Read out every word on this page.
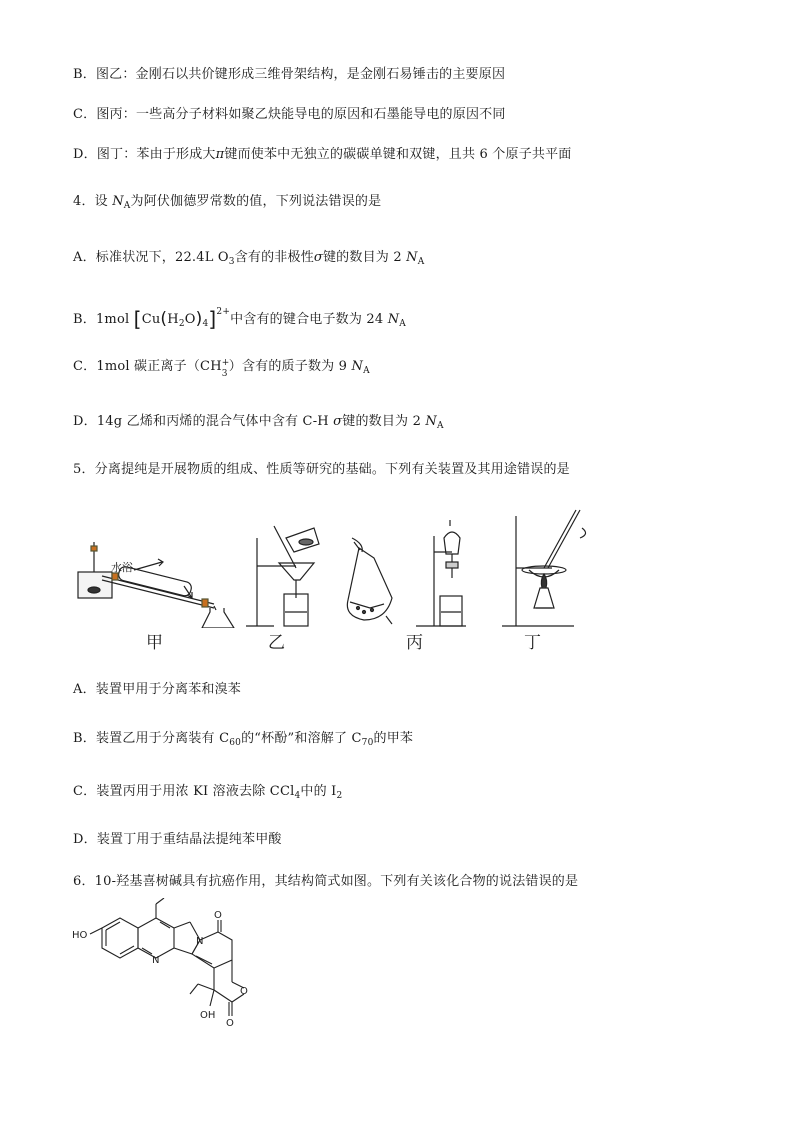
B．图乙：金刚石以共价键形成三维骨架结构，是金刚石易锤击的主要原因
C．图丙：一些高分子材料如聚乙炔能导电的原因和石墨能导电的原因不同
D．图丁：苯由于形成大π键而使苯中无独立的碳碳单键和双键，且共 6 个原子共平面
4．设 $N_A$为阿伏伽德罗常数的值，下列说法错误的是
A．标准状况下，22.4L $O_3$含有的非极性σ键的数目为 2 $N_A$
B．1mol $[Cu(H_2O)_4]^{2+}$中含有的键合电子数为 24 $N_A$
C．1mol 碳正离子（CH +
3 ）含有的质子数为 9 $N_A$
D．14g 乙烯和丙烯的混合气体中含有 C-H σ键的数目为 2 $N_A$
5．分离提纯是开展物质的组成、性质等研究的基础。下列有关装置及其用途错误的是
水浴
甲	乙	丙	丁
A．装置甲用于分离苯和溴苯
B．装置乙用于分离装有 $C_{60}$的“杯酚”和溶解了 $C_{70}$的甲苯
C．装置丙用于用浓 KI 溶液去除 CCl$_4$中的 $I_2$
D．装置丁用于重结晶法提纯苯甲酸
6．10-羟基喜树碱具有抗癌作用，其结构简式如图。下列有关该化合物的说法错误的是
HO
N
N
O
O
O
OH
